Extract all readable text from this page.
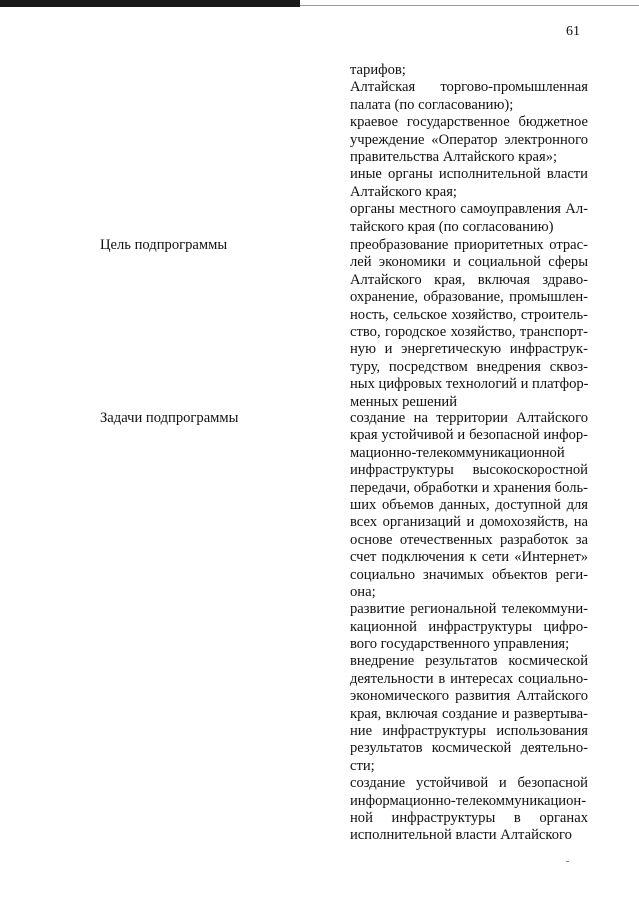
61
тарифов;
Алтайская торгово-промышленная
палата (по согласованию);
краевое государственное бюджетное
учреждение «Оператор электронного
правительства Алтайского края»;
иные органы исполнительной власти
Алтайского края;
органы местного самоуправления Ал-
тайского края (по согласованию)
Цель подпрограммы	преобразование приоритетных отрас-
лей экономики и социальной сферы
Алтайского края, включая здраво-
охранение, образование, промышлен-
ность, сельское хозяйство, строитель-
ство, городское хозяйство, транспорт-
ную и энергетическую инфраструк-
туру, посредством внедрения сквоз-
ных цифровых технологий и платфор-
менных решений
Задачи подпрограммы	создание на территории Алтайского
края устойчивой и безопасной инфор-
мационно-телекоммуникационной
инфраструктуры высокоскоростной
передачи, обработки и хранения боль-
ших объемов данных, доступной для
всех организаций и домохозяйств, на
основе отечественных разработок за
счет подключения к сети «Интернет»
социально значимых объектов реги-
она;
развитие региональной телекоммуни-
кационной инфраструктуры цифро-
вого государственного управления;
внедрение результатов космической
деятельности в интересах социально-
экономического развития Алтайского
края, включая создание и развертыва-
ние инфраструктуры использования
результатов космической деятельно-
сти;
создание устойчивой и безопасной
информационно-телекоммуникацион-
ной инфраструктуры в органах
исполнительной власти Алтайского
